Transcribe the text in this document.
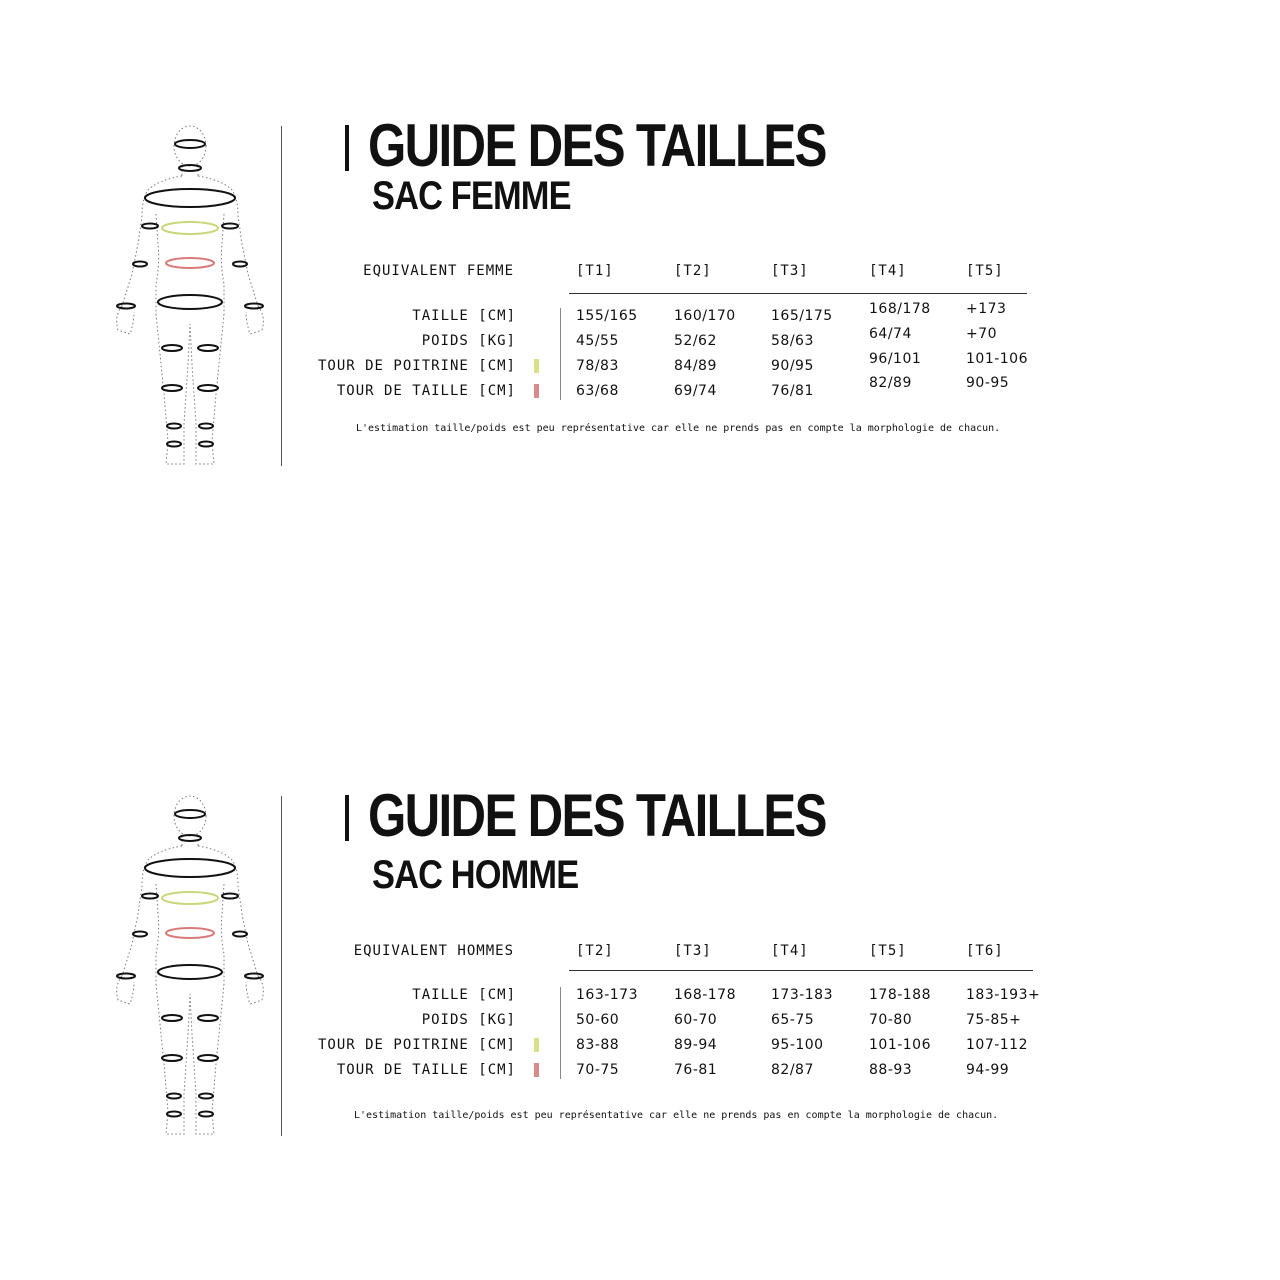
GUIDE DES TAILLES
SAC FEMME
EQUIVALENT FEMME
L'estimation taille/poids est peu représentative car elle ne prends pas en compte la morphologie de chacun.
[T1]	[T2]	[T3]	[T4]	[T5]
TAILLE [CM]	155/165	160/170	165/175	168/178	+173
POIDS [KG]	45/55	52/62	58/63	64/74	+70
TOUR DE POITRINE [CM]	78/83	84/89	90/95	96/101	101-106
TOUR DE TAILLE [CM]	63/68	69/74	76/81	82/89	90-95
GUIDE DES TAILLES
SAC HOMME
EQUIVALENT HOMMES
L'estimation taille/poids est peu représentative car elle ne prends pas en compte la morphologie de chacun.
[T2]	[T3]	[T4]	[T5]	[T6]
TAILLE [CM]	163-173	168-178	173-183	178-188	183-193+
POIDS [KG]	50-60	60-70	65-75	70-80	75-85+
TOUR DE POITRINE [CM]	83-88	89-94	95-100	101-106	107-112
TOUR DE TAILLE [CM]	70-75	76-81	82/87	88-93	94-99
